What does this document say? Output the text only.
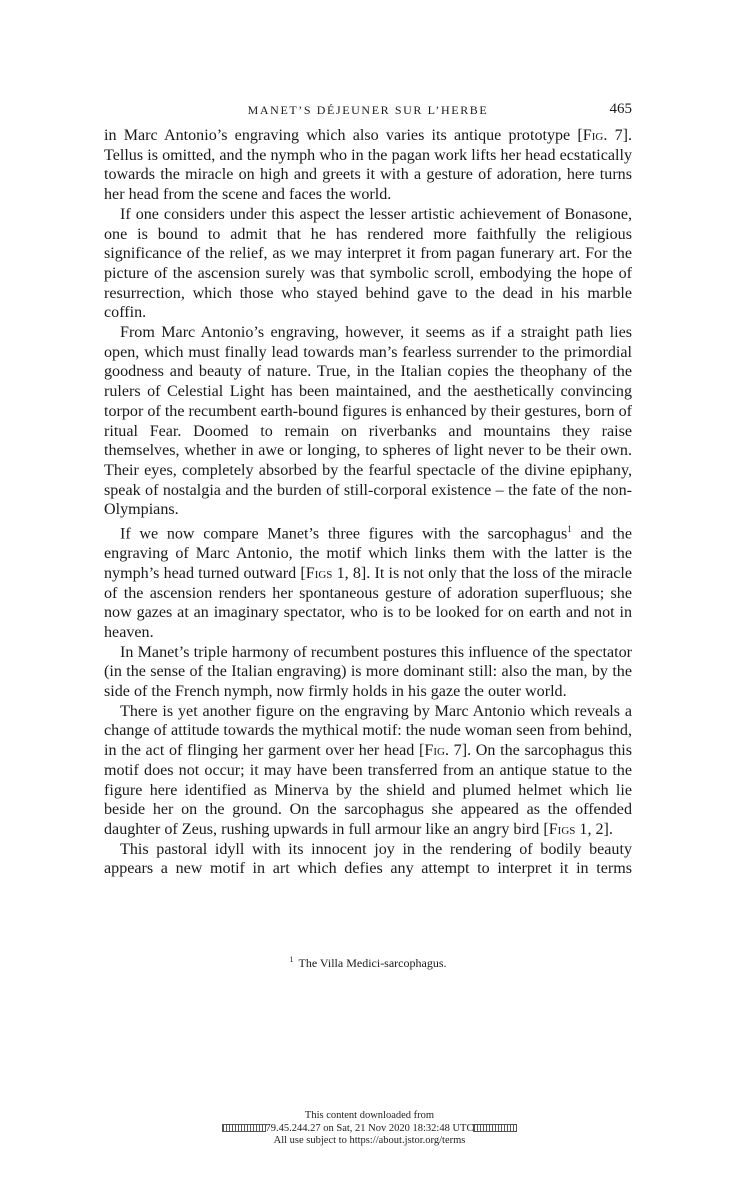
MANET’S DÉJEUNER SUR L’HERBE	465

in Marc Antonio’s engraving which also varies its antique prototype [Fig. 7]. Tellus is omitted, and the nymph who in the pagan work lifts her head ecstatically towards the miracle on high and greets it with a gesture of adoration, here turns her head from the scene and faces the world.

If one considers under this aspect the lesser artistic achievement of Bonasone, one is bound to admit that he has rendered more faithfully the religious significance of the relief, as we may interpret it from pagan funerary art. For the picture of the ascension surely was that symbolic scroll, embodying the hope of resurrection, which those who stayed behind gave to the dead in his marble coffin.

From Marc Antonio’s engraving, however, it seems as if a straight path lies open, which must finally lead towards man’s fearless surrender to the primordial goodness and beauty of nature. True, in the Italian copies the theophany of the rulers of Celestial Light has been maintained, and the aesthetically convincing torpor of the recumbent earth-bound figures is enhanced by their gestures, born of ritual Fear. Doomed to remain on riverbanks and mountains they raise themselves, whether in awe or longing, to spheres of light never to be their own. Their eyes, completely absorbed by the fearful spectacle of the divine epiphany, speak of nostalgia and the burden of still-corporal existence – the fate of the non-Olympians.

If we now compare Manet’s three figures with the sarcophagus$^1$ and the engraving of Marc Antonio, the motif which links them with the latter is the nymph’s head turned outward [Figs 1, 8]. It is not only that the loss of the miracle of the ascension renders her spontaneous gesture of adoration superfluous; she now gazes at an imaginary spectator, who is to be looked for on earth and not in heaven.

In Manet’s triple harmony of recumbent postures this influence of the spectator (in the sense of the Italian engraving) is more dominant still: also the man, by the side of the French nymph, now firmly holds in his gaze the outer world.

There is yet another figure on the engraving by Marc Antonio which reveals a change of attitude towards the mythical motif: the nude woman seen from behind, in the act of flinging her garment over her head [Fig. 7]. On the sarcophagus this motif does not occur; it may have been transferred from an antique statue to the figure here identified as Minerva by the shield and plumed helmet which lie beside her on the ground. On the sarcophagus she appeared as the offended daughter of Zeus, rushing upwards in full armour like an angry bird [Figs 1, 2].

This pastoral idyll with its innocent joy in the rendering of bodily beauty appears a new motif in art which defies any attempt to interpret it in terms

$^1$ The Villa Medici-sarcophagus.
This content downloaded from
79.45.244.27 on Sat, 21 Nov 2020 18:32:48 UTC
All use subject to https://about.jstor.org/terms
